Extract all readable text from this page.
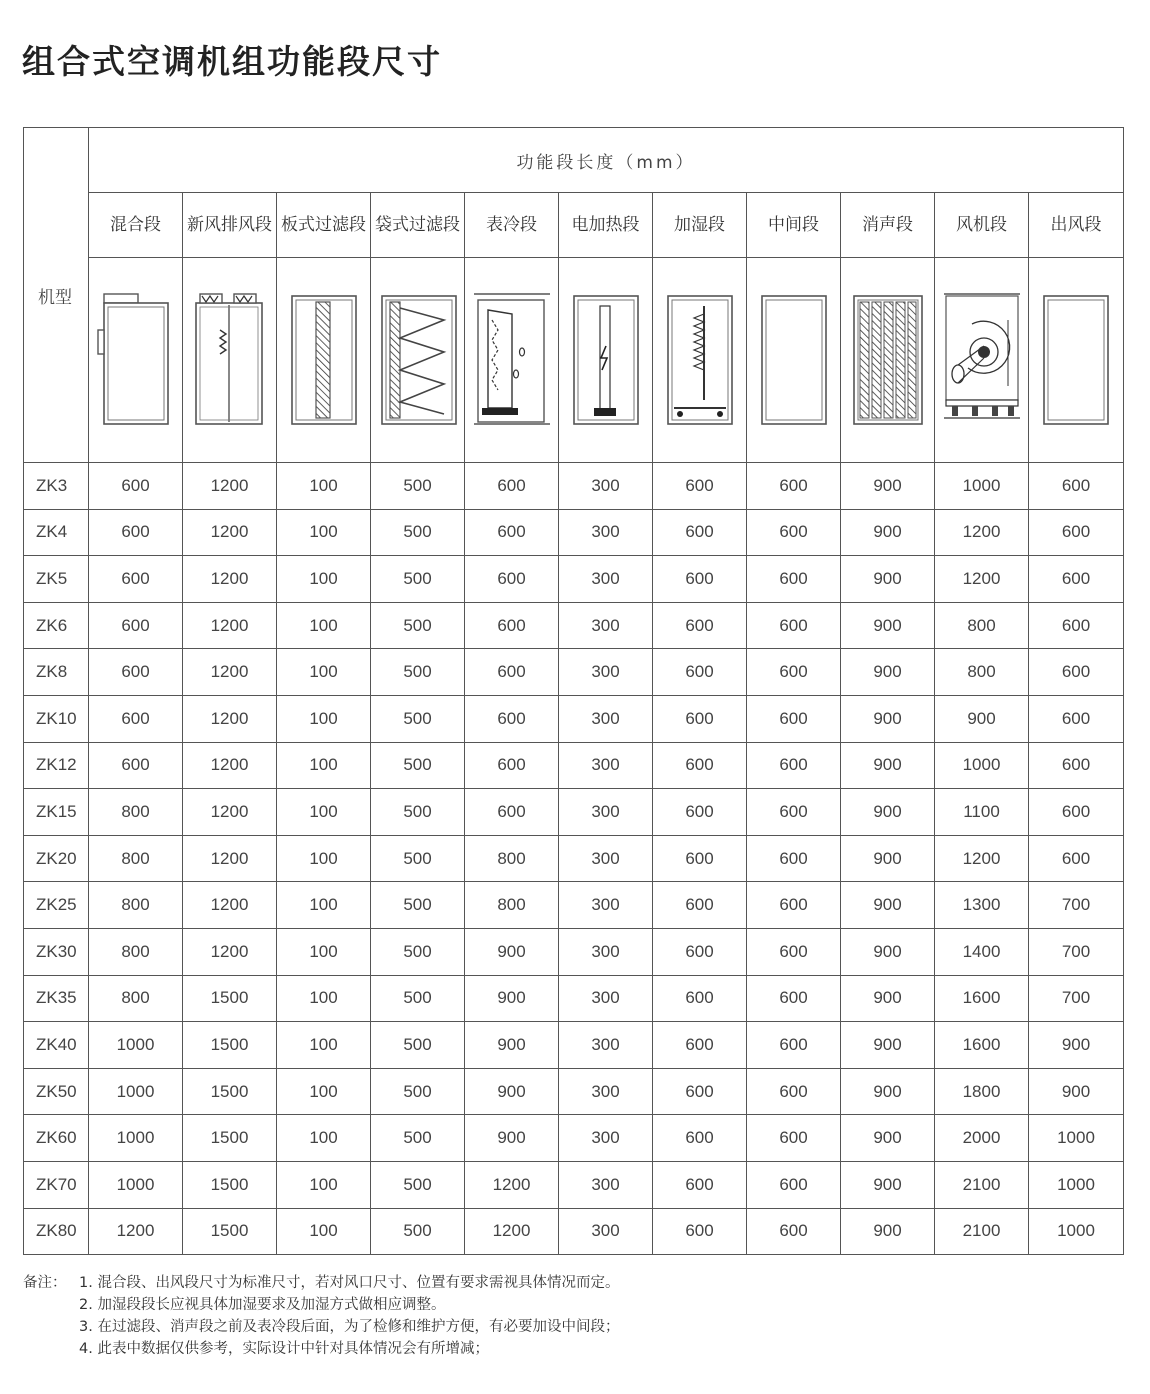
组合式空调机组功能段尺寸
机型	功能段长度（mm）										
	混合段	新风排风段	板式过滤段	袋式过滤段	表冷段	电加热段	加湿段	中间段	消声段	风机段	出风段

ZK3	600	1200	100	500	600	300	600	600	900	1000	600
ZK4	600	1200	100	500	600	300	600	600	900	1200	600
ZK5	600	1200	100	500	600	300	600	600	900	1200	600
ZK6	600	1200	100	500	600	300	600	600	900	800	600
ZK8	600	1200	100	500	600	300	600	600	900	800	600
ZK10	600	1200	100	500	600	300	600	600	900	900	600
ZK12	600	1200	100	500	600	300	600	600	900	1000	600
ZK15	800	1200	100	500	600	300	600	600	900	1100	600
ZK20	800	1200	100	500	800	300	600	600	900	1200	600
ZK25	800	1200	100	500	800	300	600	600	900	1300	700
ZK30	800	1200	100	500	900	300	600	600	900	1400	700
ZK35	800	1500	100	500	900	300	600	600	900	1600	700
ZK40	1000	1500	100	500	900	300	600	600	900	1600	900
ZK50	1000	1500	100	500	900	300	600	600	900	1800	900
ZK60	1000	1500	100	500	900	300	600	600	900	2000	1000
ZK70	1000	1500	100	500	1200	300	600	600	900	2100	1000
ZK80	1200	1500	100	500	1200	300	600	600	900	2100	1000
备注： 1. 混合段、出风段尺寸为标准尺寸，若对风口尺寸、位置有要求需视具体情况而定。
2. 加湿段段长应视具体加湿要求及加湿方式做相应调整。
3. 在过滤段、消声段之前及表冷段后面，为了检修和维护方便，有必要加设中间段；
4. 此表中数据仅供参考，实际设计中针对具体情况会有所增减；
